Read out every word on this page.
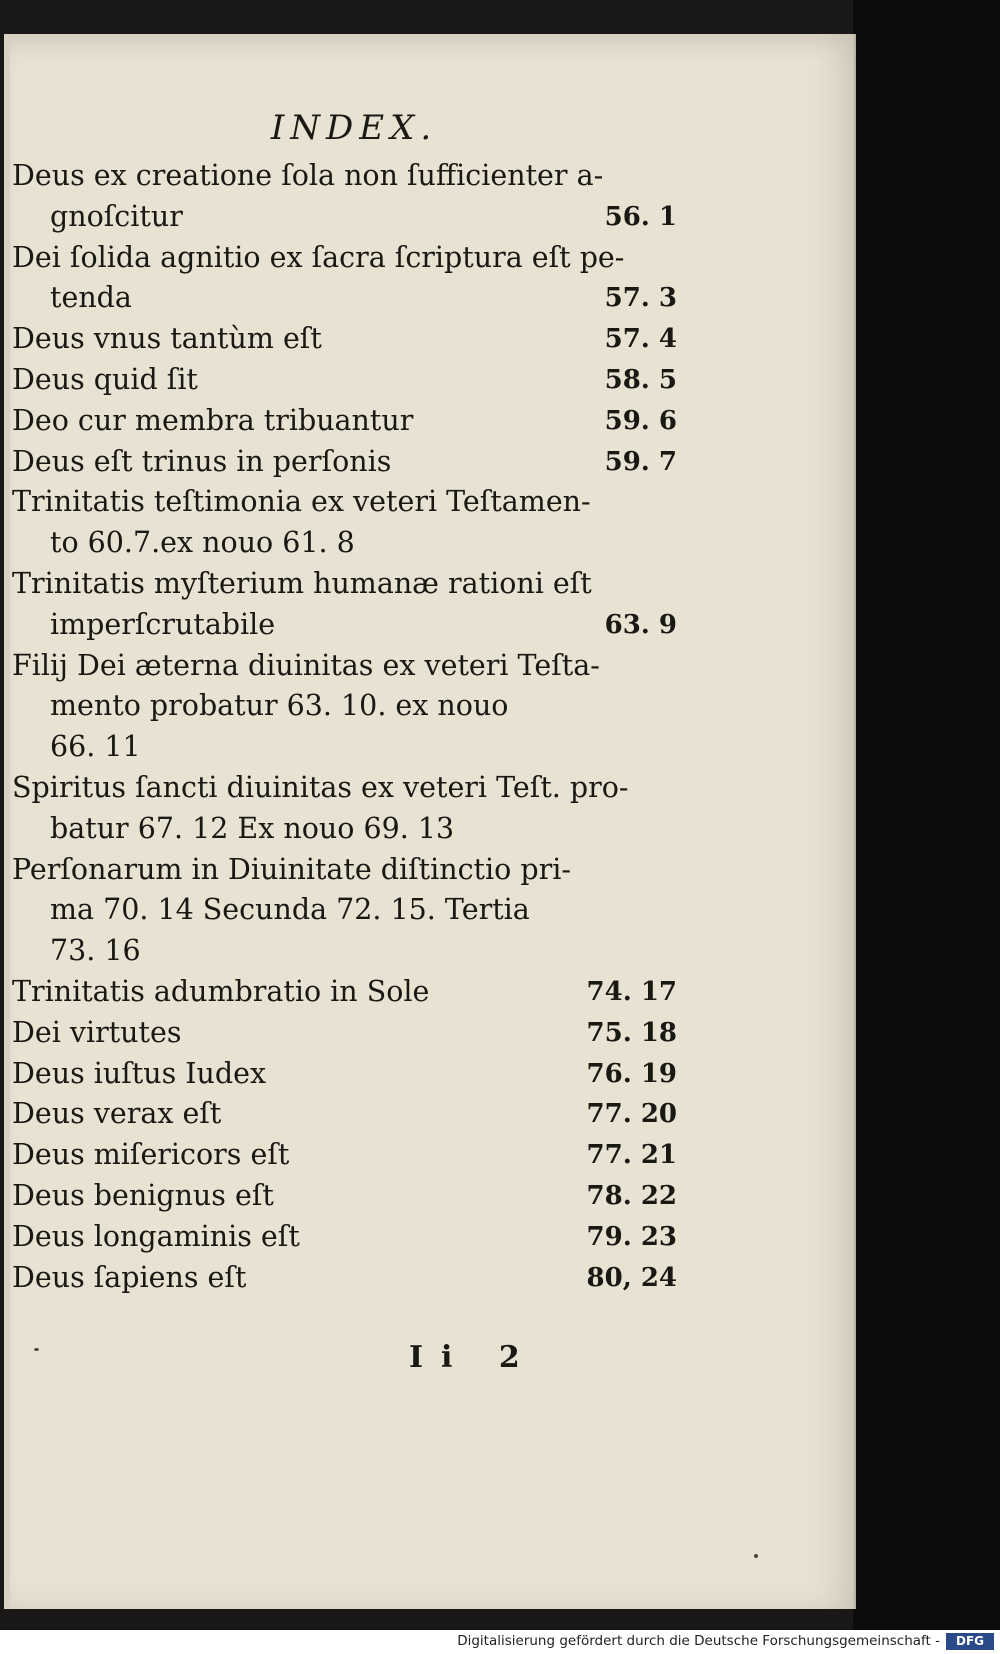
INDEX.
Deus ex creatione ſola non ſufficienter a-
gnoſcitur	56. 1
Dei ſolida agnitio ex ſacra ſcriptura eſt pe-
tenda	57. 3
Deus vnus tantùm eſt	57. 4
Deus quid ſit	58. 5
Deo cur membra tribuantur	59. 6
Deus eſt trinus in perſonis	59. 7
Trinitatis teſtimonia ex veteri Teſtamen-
to 60.7.ex nouo 61. 8
Trinitatis myſterium humanæ rationi eſt
imperſcrutabile	63. 9
Filij Dei æterna diuinitas ex veteri Teſta-
mento probatur 63. 10. ex nouo
66. 11
Spiritus ſancti diuinitas ex veteri Teſt. pro-
batur 67. 12 Ex nouo 69. 13
Perſonarum in Diuinitate diſtinctio pri-
ma 70. 14 Secunda 72. 15. Tertia
73. 16
Trinitatis adumbratio in Sole	74. 17
Dei virtutes	75. 18
Deus iuſtus Iudex	76. 19
Deus verax eſt	77. 20
Deus miſericors eſt	77. 21
Deus benignus eſt	78. 22
Deus longaminis eſt	79. 23
Deus ſapiens eſt	80, 24
Ii 2
Digitalisierung gefördert durch die Deutsche Forschungsgemeinschaft -	DFG
